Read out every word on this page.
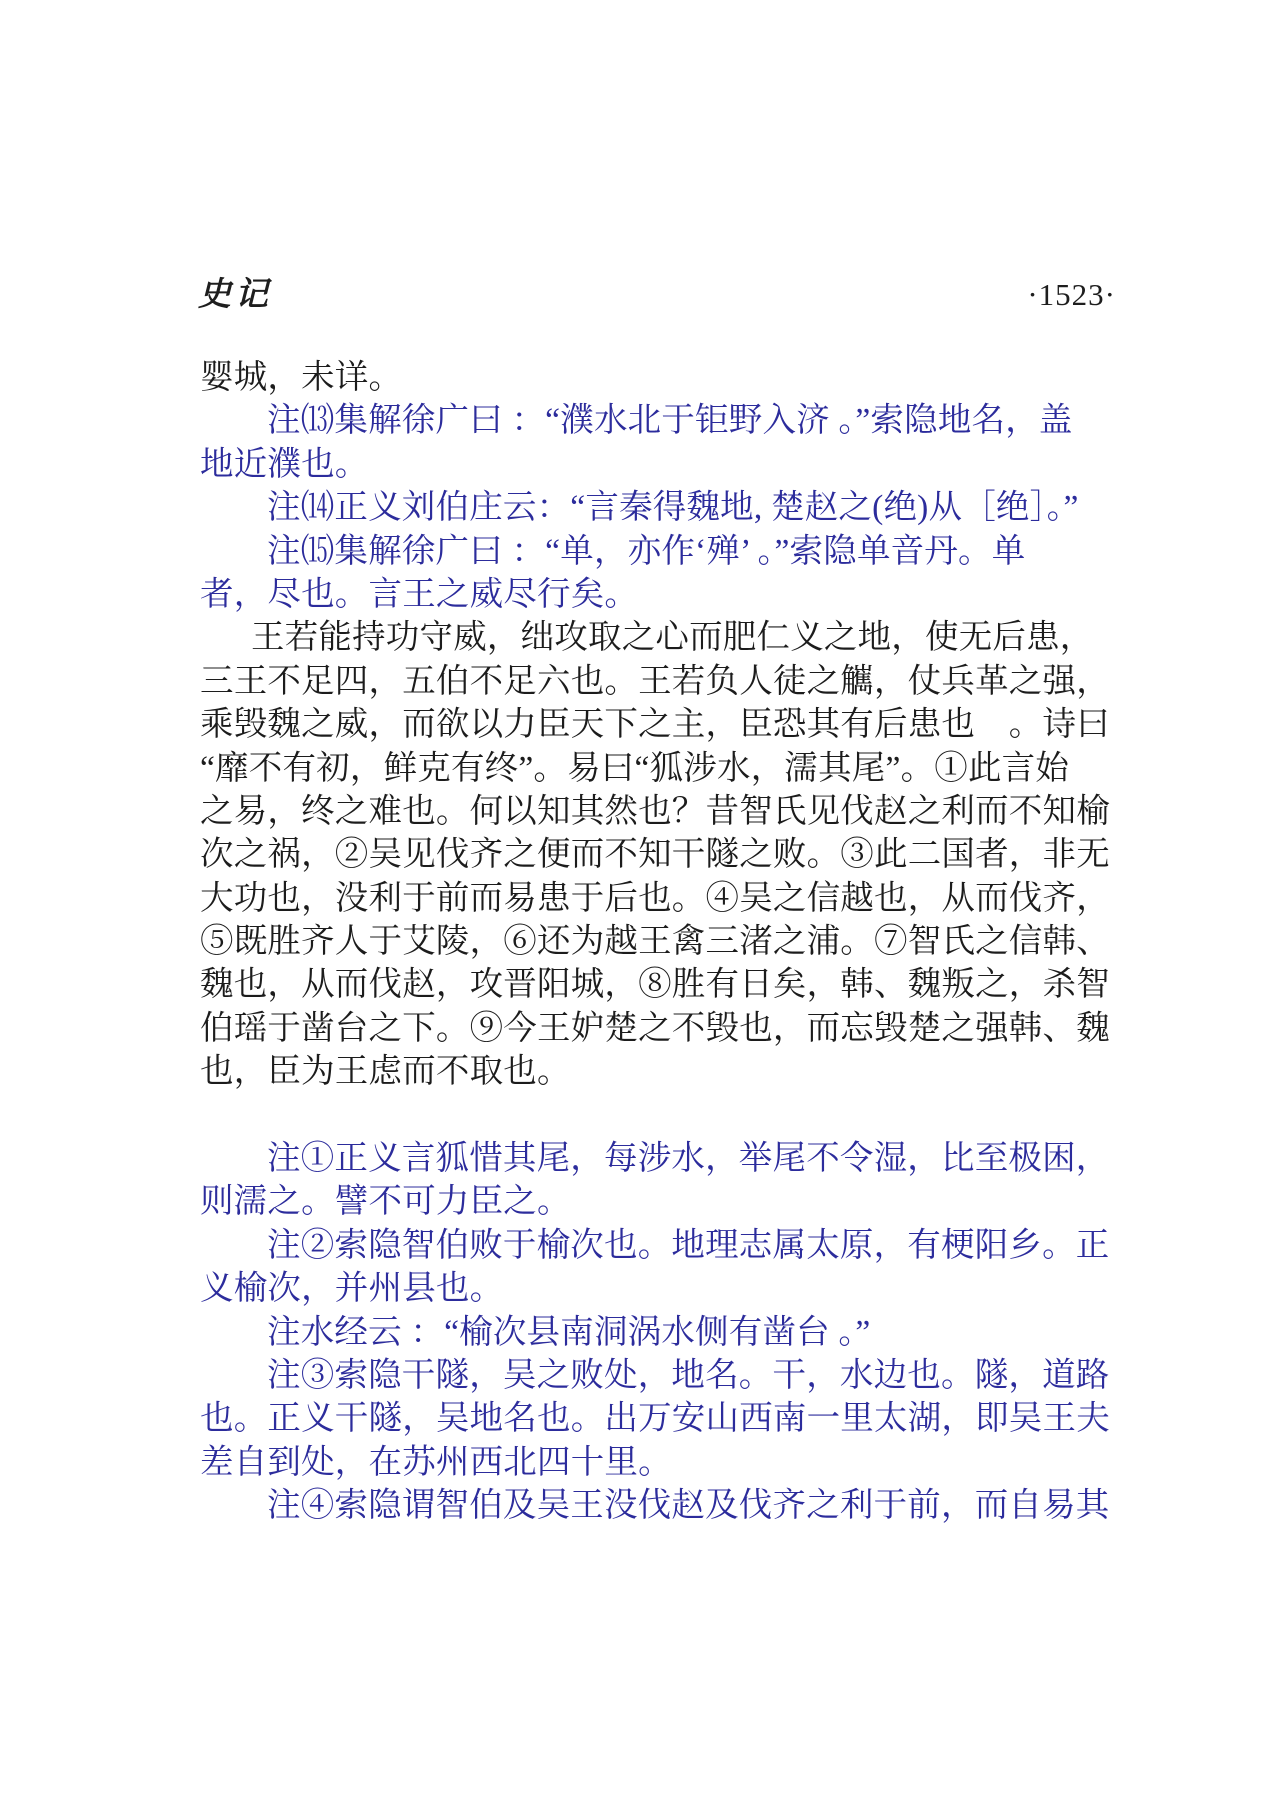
史记	·1523·
婴城，未详。
注⒀集解徐广曰 ：“濮水北于钜野入济 。”索隐地名，盖
地近濮也。
注⒁正义刘伯庄云：“言秦得魏地, 楚赵之(绝)从［绝］。”
注⒂集解徐广曰 ：“单，亦作‘殚’ 。”索隐单音丹。单
者，尽也。言王之威尽行矣。
王若能持功守威，绌攻取之心而肥仁义之地，使无后患，
三王不足四，五伯不足六也。王若负人徒之觽，仗兵革之强，
乘毁魏之威，而欲以力臣天下之主，臣恐其有后患也　。诗曰
“靡不有初，鲜克有终”。易曰“狐涉水，濡其尾”。①此言始
之易，终之难也。何以知其然也？昔智氏见伐赵之利而不知榆
次之祸，②吴见伐齐之便而不知干隧之败。③此二国者，非无
大功也，没利于前而易患于后也。④吴之信越也，从而伐齐，
⑤既胜齐人于艾陵，⑥还为越王禽三渚之浦。⑦智氏之信韩、
魏也，从而伐赵，攻晋阳城，⑧胜有日矣，韩、魏叛之，杀智
伯瑶于凿台之下。⑨今王妒楚之不毁也，而忘毁楚之强韩、魏
也，臣为王虑而不取也。
注①正义言狐惜其尾，每涉水，举尾不令湿，比至极困，
则濡之。譬不可力臣之。
注②索隐智伯败于榆次也。地理志属太原，有梗阳乡。正
义榆次，并州县也。
注水经云 ：“榆次县南洞涡水侧有凿台 。”
注③索隐干隧，吴之败处，地名。干，水边也。隧，道路
也。正义干隧，吴地名也。出万安山西南一里太湖，即吴王夫
差自到处，在苏州西北四十里。
注④索隐谓智伯及吴王没伐赵及伐齐之利于前，而自易其
